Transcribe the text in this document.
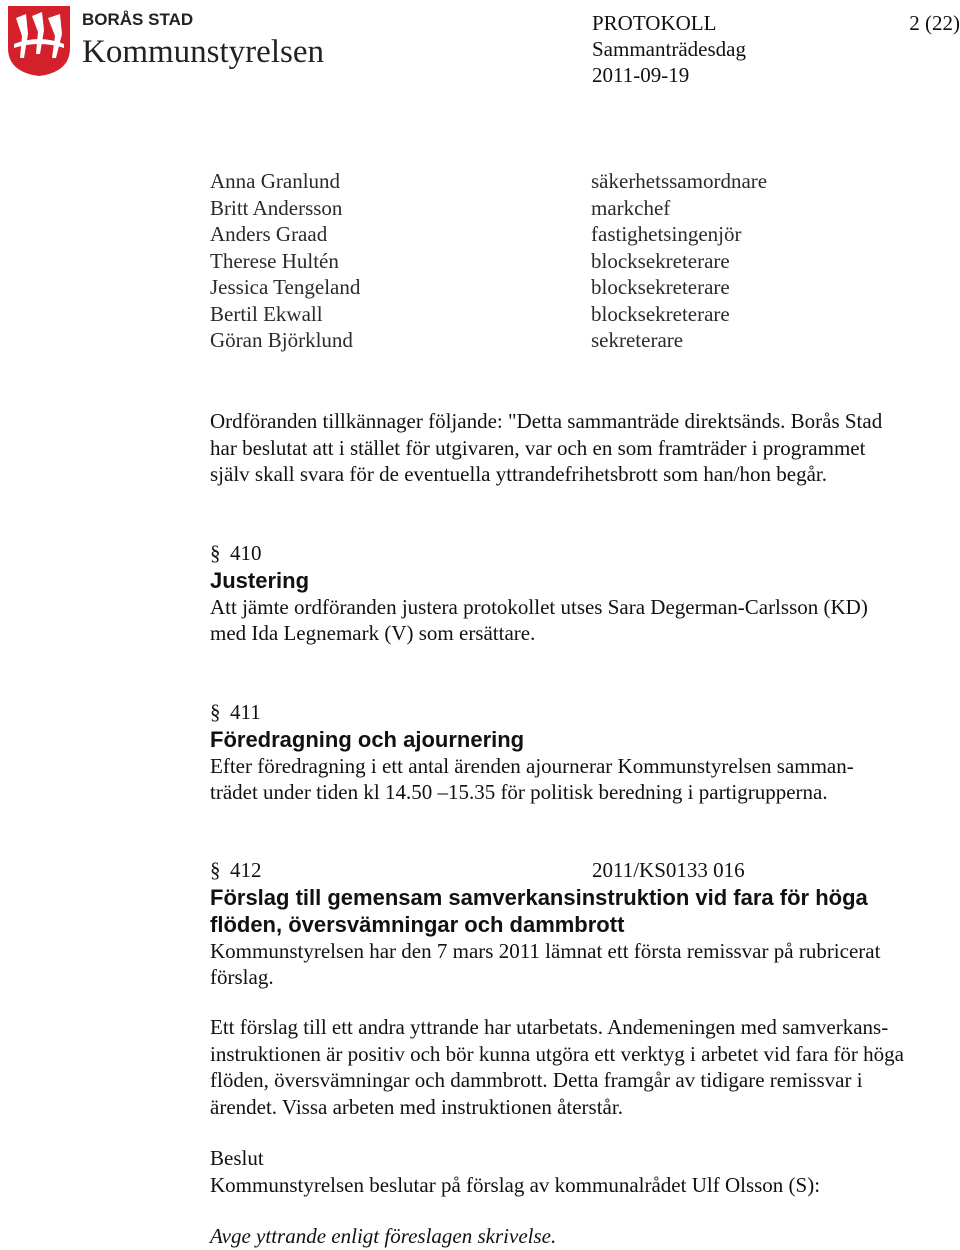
BORÅS STAD
Kommunstyrelsen
PROTOKOLL
Sammanträdesdag
2011-09-19
2 (22)
Anna Granlund	säkerhetssamordnare
Britt Andersson	markchef
Anders Graad	fastighetsingenjör
Therese Hultén	blocksekreterare
Jessica Tengeland	blocksekreterare
Bertil Ekwall	blocksekreterare
Göran Björklund	sekreterare
Ordföranden tillkännager följande: "Detta sammanträde direktsänds. Borås Stad
har beslutat att i stället för utgivaren, var och en som framträder i programmet
själv skall svara för de eventuella yttrandefrihetsbrott som han/hon begår.
§ 410
Justering
Att jämte ordföranden justera protokollet utses Sara Degerman-Carlsson (KD)
med Ida Legnemark (V) som ersättare.
§ 411
Föredragning och ajournering
Efter föredragning i ett antal ärenden ajournerar Kommunstyrelsen samman-
trädet under tiden kl 14.50 –15.35 för politisk beredning i partigrupperna.
§ 412	2011/KS0133 016
Förslag till gemensam samverkansinstruktion vid fara för höga
flöden, översvämningar och dammbrott
Kommunstyrelsen har den 7 mars 2011 lämnat ett första remissvar på rubricerat
förslag.
Ett förslag till ett andra yttrande har utarbetats. Andemeningen med samverkans-
instruktionen är positiv och bör kunna utgöra ett verktyg i arbetet vid fara för höga
flöden, översvämningar och dammbrott. Detta framgår av tidigare remissvar i
ärendet. Vissa arbeten med instruktionen återstår.
Beslut
Kommunstyrelsen beslutar på förslag av kommunalrådet Ulf Olsson (S):
Avge yttrande enligt föreslagen skrivelse.
